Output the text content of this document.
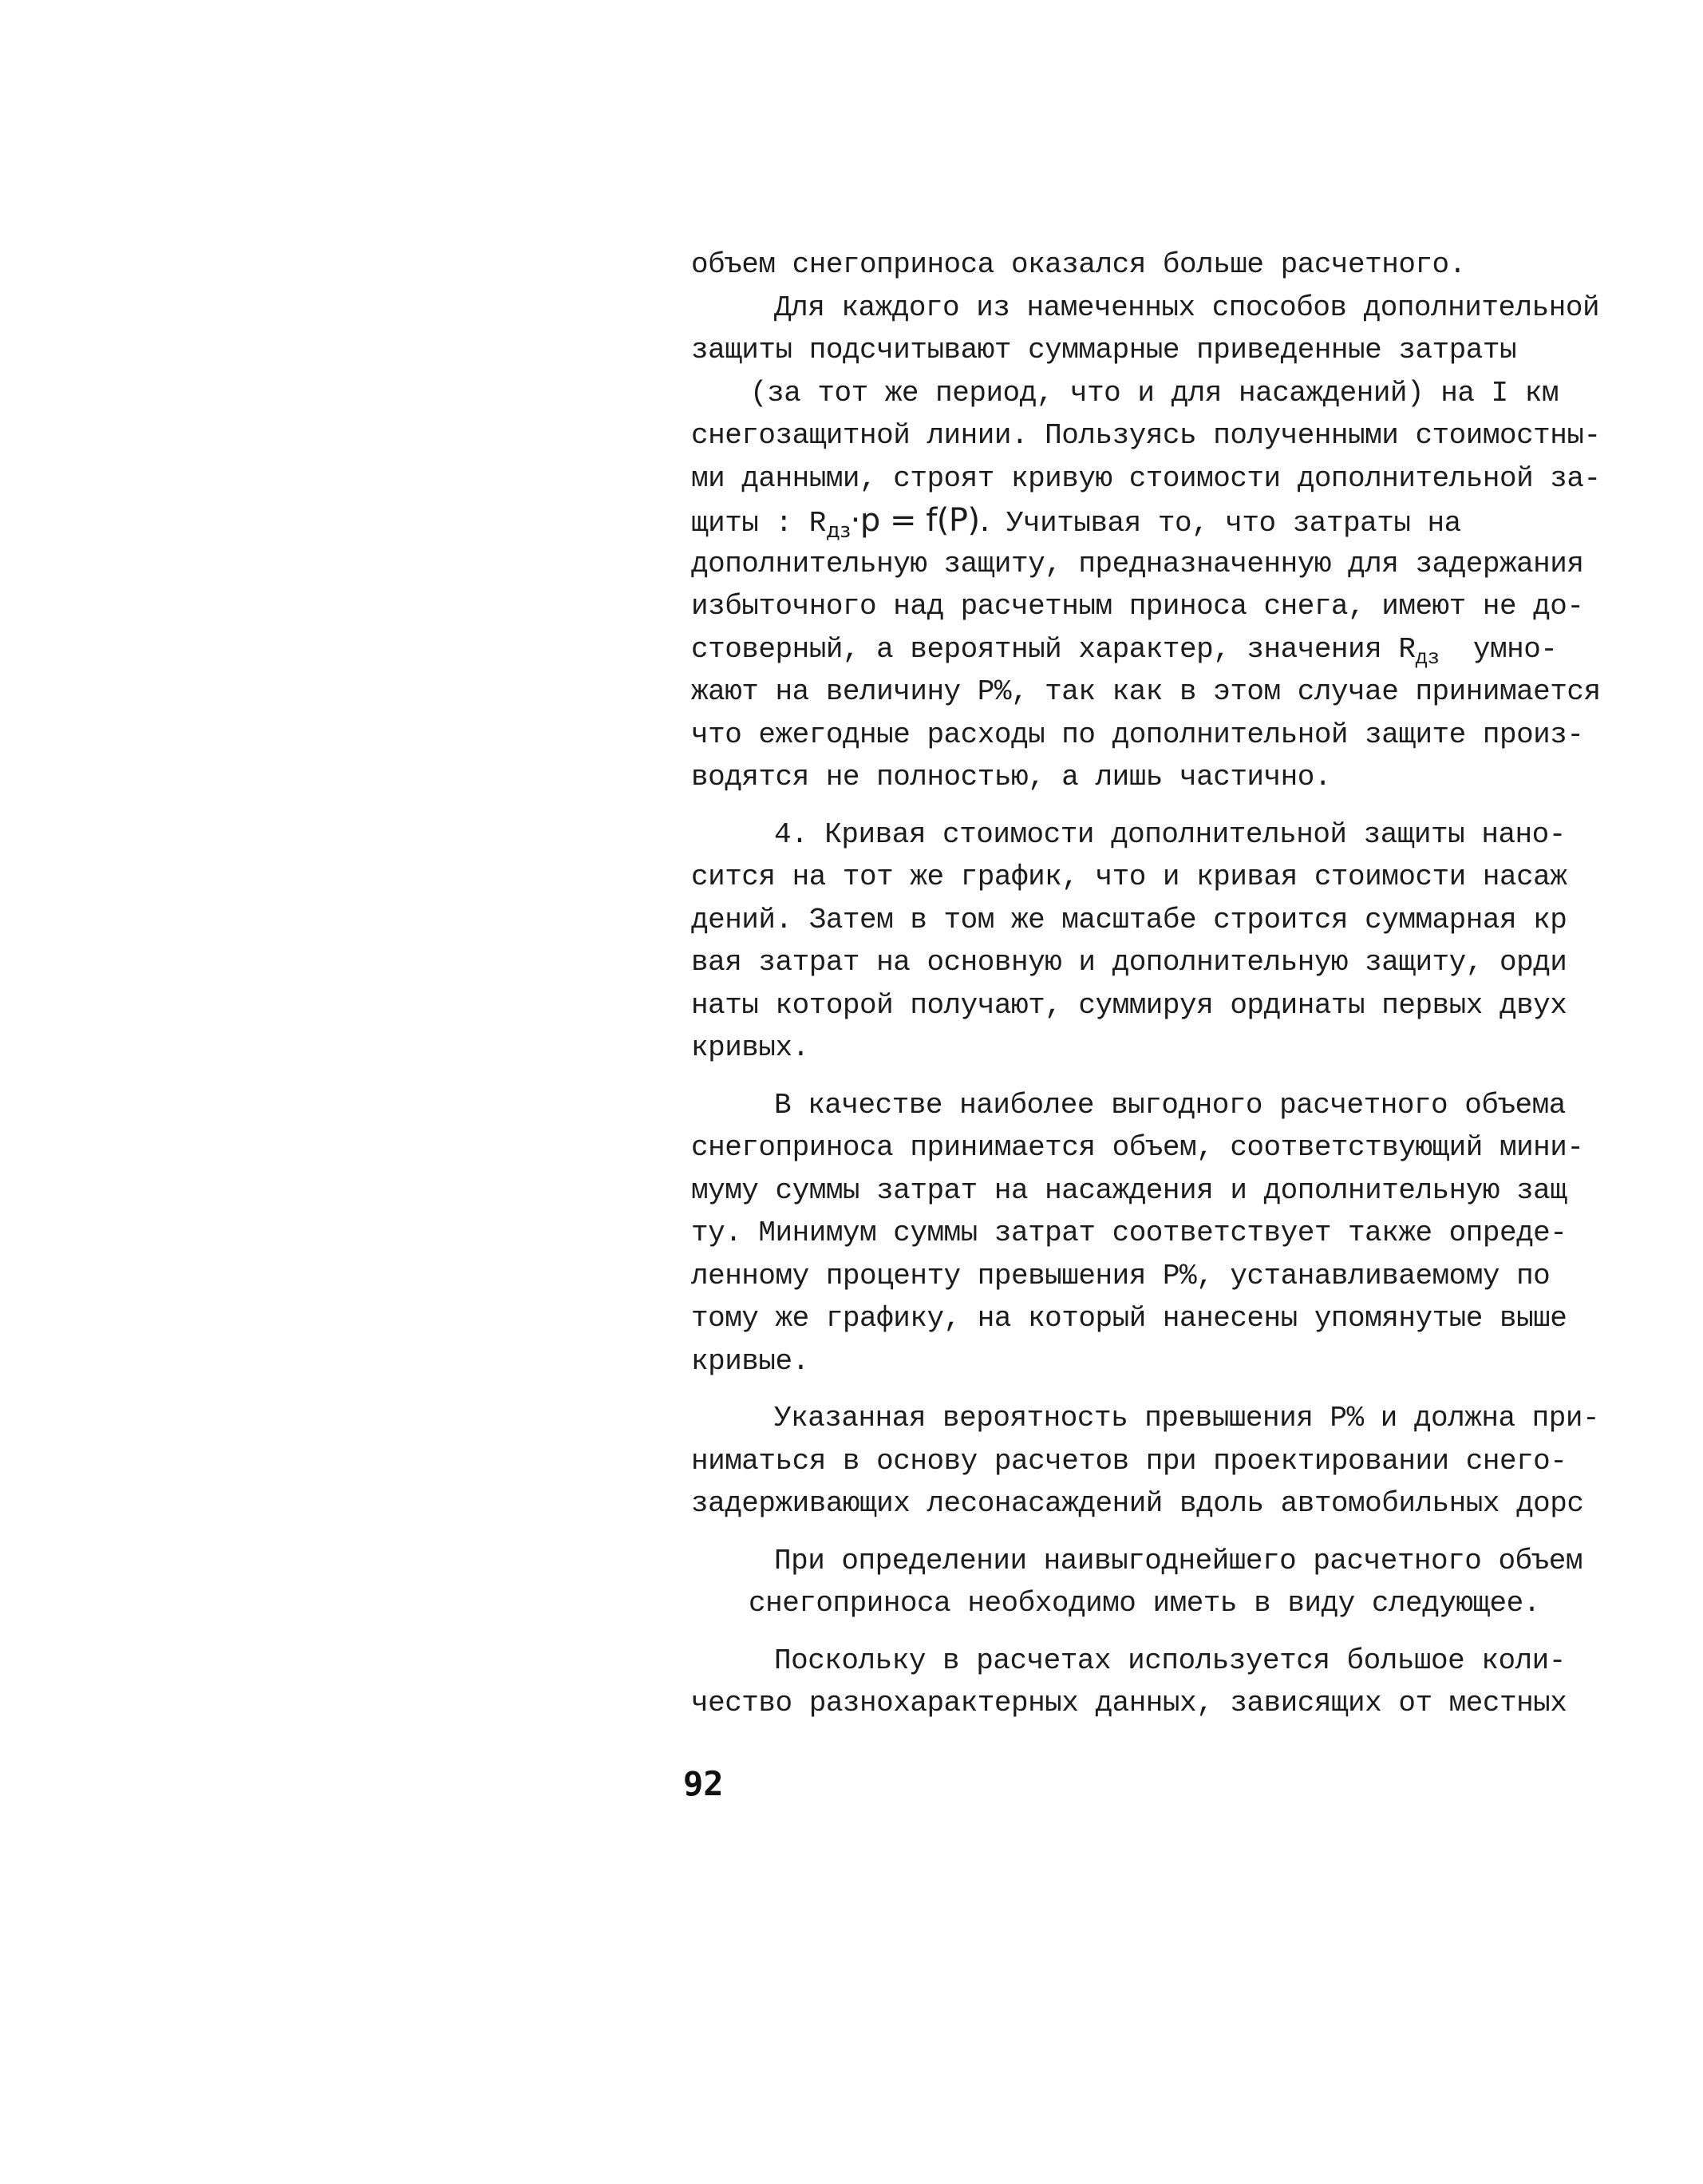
объем снегоприноса оказался больше расчетного.
Для каждого из намеченных способов дополнительной
защиты подсчитывают суммарные приведенные затраты
(за тот же период, что и для насаждений) на I км
снегозащитной линии. Пользуясь полученными стоимостны-
ми данными, строят кривую стоимости дополнительной за-
щиты : $R_{дз}\cdot p = f(P)$. Учитывая то, что затраты на
дополнительную защиту, предназначенную для задержания
избыточного над расчетным приноса снега, имеют не до-
стоверный, а вероятный характер, значения $R_{дз}$  умно-
жают на величину Р%, так как в этом случае принимается
что ежегодные расходы по дополнительной защите произ-
водятся не полностью, а лишь частично.
4. Кривая стоимости дополнительной защиты нано-
сится на тот же график, что и кривая стоимости насаж
дений. Затем в том же масштабе строится суммарная кр
вая затрат на основную и дополнительную защиту, орди
наты которой получают, суммируя ординаты первых двух
кривых.
В качестве наиболее выгодного расчетного объема
снегоприноса принимается объем, соответствующий мини-
муму суммы затрат на насаждения и дополнительную защ
ту. Минимум суммы затрат соответствует также опреде-
ленному проценту превышения Р%, устанавливаемому по
тому же графику, на который нанесены упомянутые выше
кривые.
Указанная вероятность превышения Р% и должна при-
ниматься в основу расчетов при проектировании снего-
задерживающих лесонасаждений вдоль автомобильных дорс
При определении наивыгоднейшего расчетного объем
снегоприноса необходимо иметь в виду следующее.
Поскольку в расчетах используется большое коли-
чество разнохарактерных данных, зависящих от местных
92
